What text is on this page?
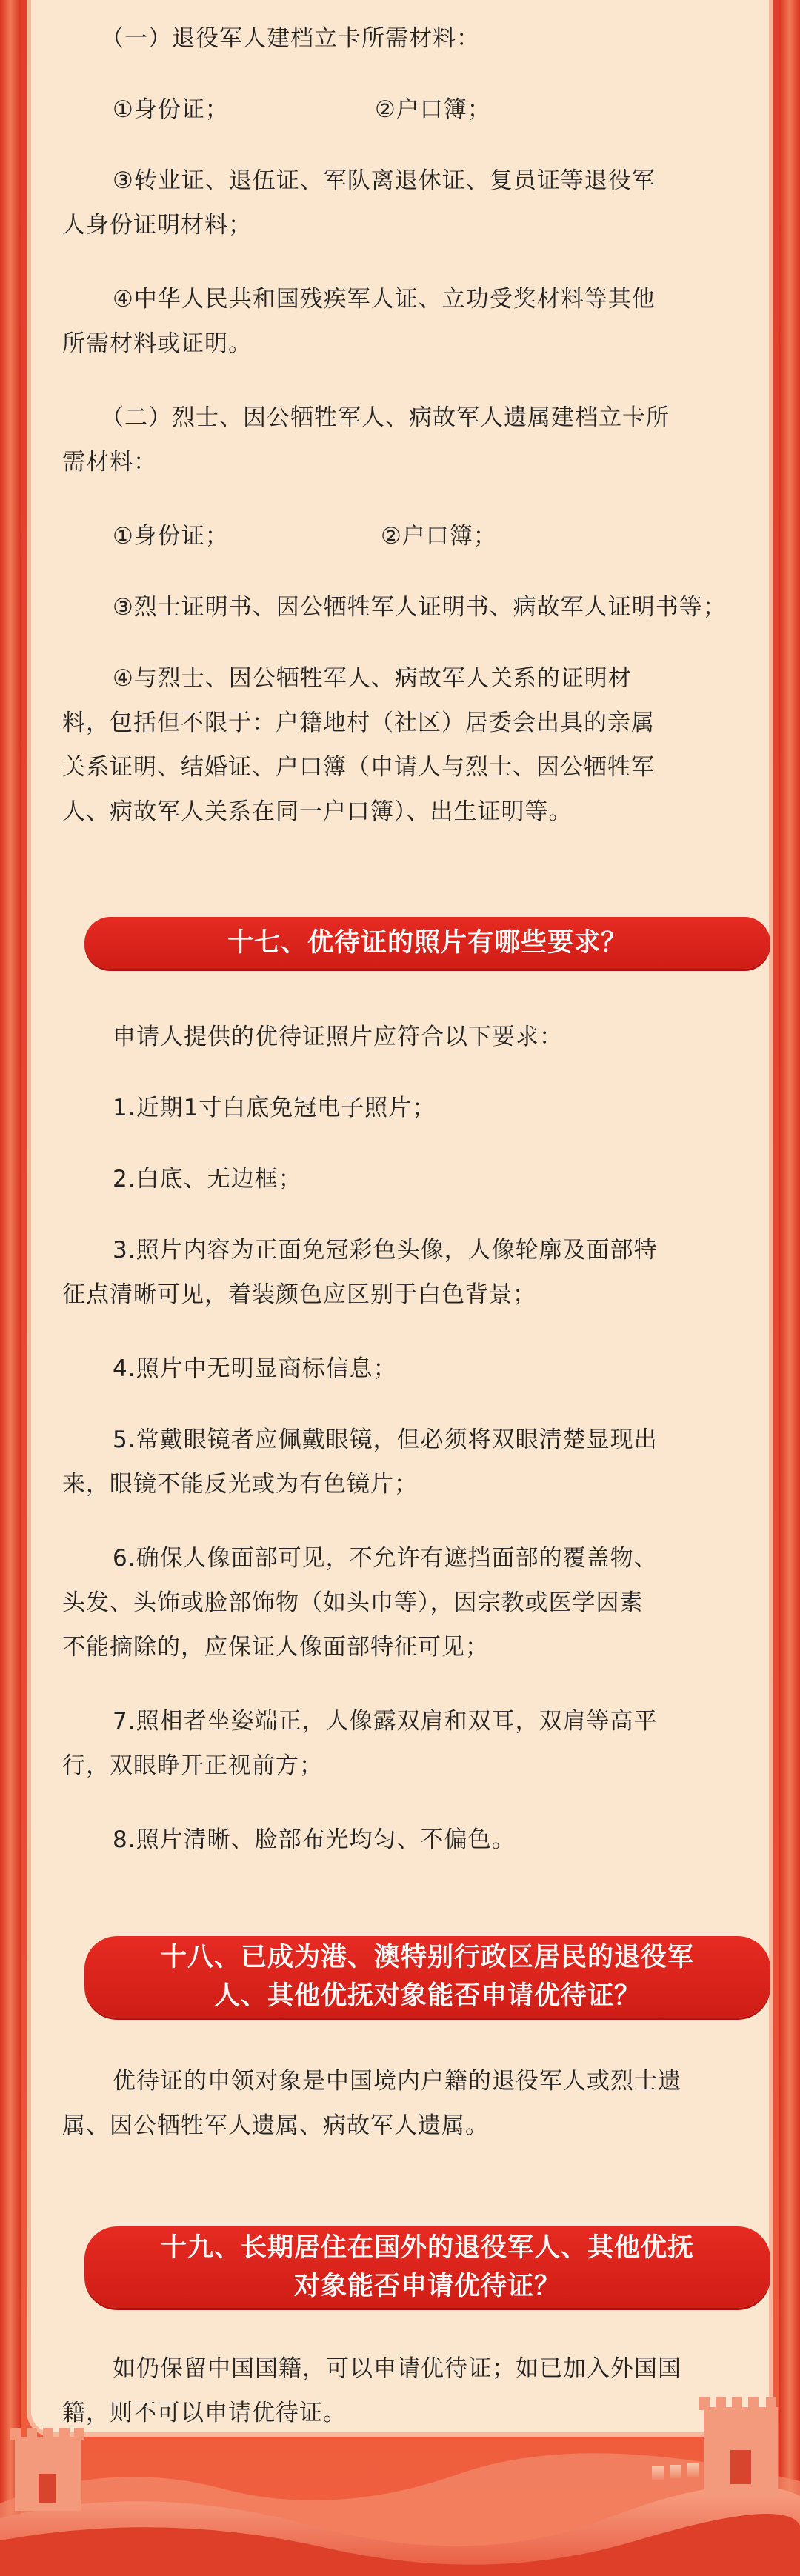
（一）退役军人建档立卡所需材料：

①身份证；	②户口簿；

③转业证、退伍证、军队离退休证、复员证等退役军
人身份证明材料；

④中华人民共和国残疾军人证、立功受奖材料等其他
所需材料或证明。

（二）烈士、因公牺牲军人、病故军人遗属建档立卡所
需材料：

①身份证；	②户口簿；

③烈士证明书、因公牺牲军人证明书、病故军人证明书等；

④与烈士、因公牺牲军人、病故军人关系的证明材
料，包括但不限于：户籍地村（社区）居委会出具的亲属
关系证明、结婚证、户口簿（申请人与烈士、因公牺牲军
人、病故军人关系在同一户口簿）、出生证明等。

十七、优待证的照片有哪些要求？

申请人提供的优待证照片应符合以下要求：

1.近期1寸白底免冠电子照片；

2.白底、无边框；

3.照片内容为正面免冠彩色头像，人像轮廓及面部特
征点清晰可见，着装颜色应区别于白色背景；

4.照片中无明显商标信息；

5.常戴眼镜者应佩戴眼镜，但必须将双眼清楚显现出
来，眼镜不能反光或为有色镜片；

6.确保人像面部可见，不允许有遮挡面部的覆盖物、
头发、头饰或脸部饰物（如头巾等），因宗教或医学因素
不能摘除的，应保证人像面部特征可见；

7.照相者坐姿端正，人像露双肩和双耳，双肩等高平
行，双眼睁开正视前方；

8.照片清晰、脸部布光均匀、不偏色。

十八、已成为港、澳特别行政区居民的退役军
人、其他优抚对象能否申请优待证？

优待证的申领对象是中国境内户籍的退役军人或烈士遗
属、因公牺牲军人遗属、病故军人遗属。

十九、长期居住在国外的退役军人、其他优抚
对象能否申请优待证？

如仍保留中国国籍，可以申请优待证；如已加入外国国
籍，则不可以申请优待证。
